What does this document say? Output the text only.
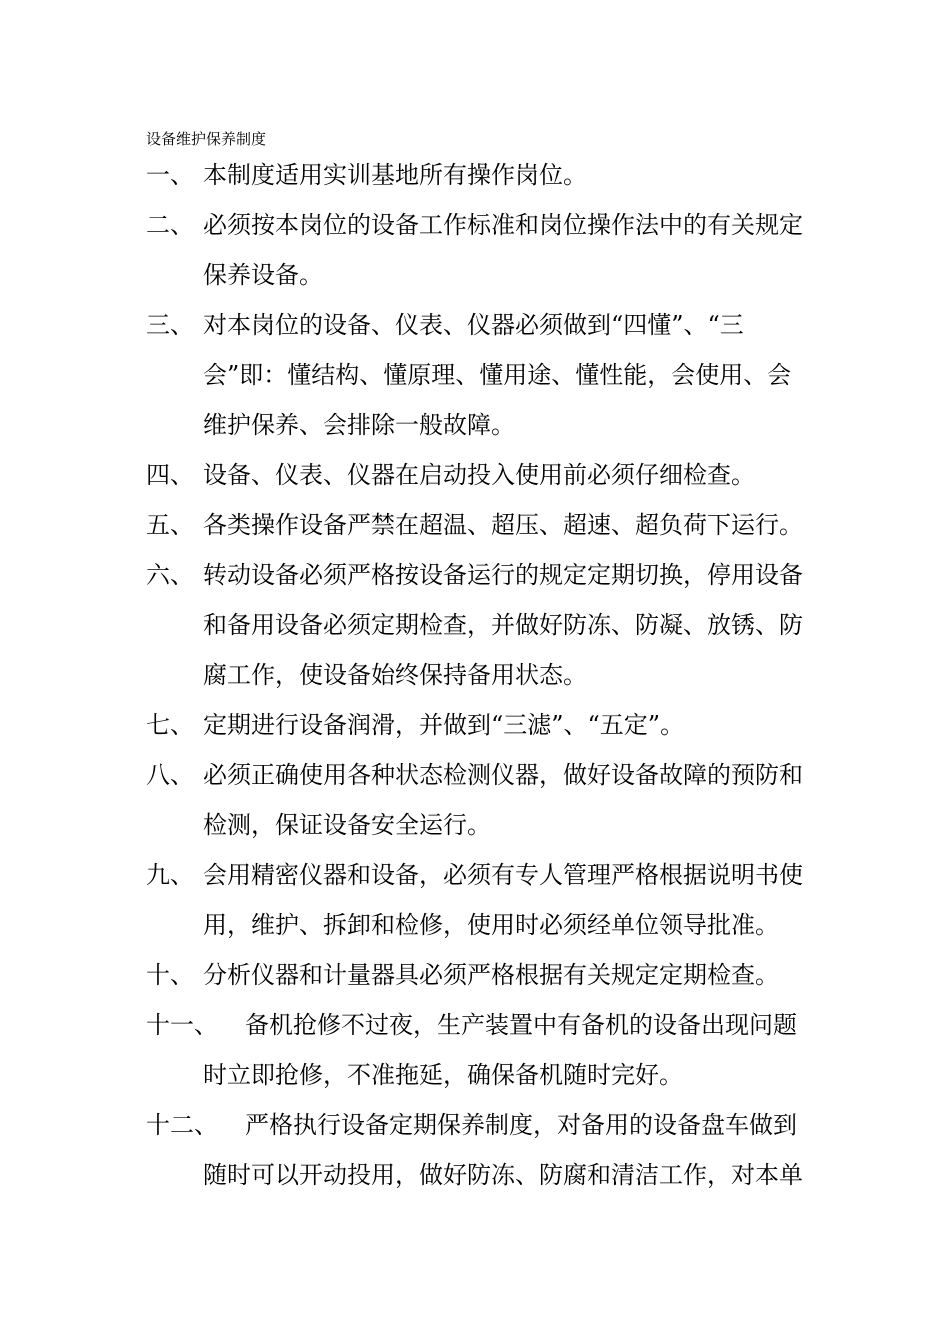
设备维护保养制度
一、 本制度适用实训基地所有操作岗位。
二、 必须按本岗位的设备工作标准和岗位操作法中的有关规定
保养设备。
三、 对本岗位的设备、仪表、仪器必须做到“四懂”、“三
会”即：懂结构、懂原理、懂用途、懂性能，会使用、会
维护保养、会排除一般故障。
四、 设备、仪表、仪器在启动投入使用前必须仔细检查。
五、 各类操作设备严禁在超温、超压、超速、超负荷下运行。
六、 转动设备必须严格按设备运行的规定定期切换，停用设备
和备用设备必须定期检查，并做好防冻、防凝、放锈、防
腐工作，使设备始终保持备用状态。
七、 定期进行设备润滑，并做到“三滤”、“五定”。
八、 必须正确使用各种状态检测仪器，做好设备故障的预防和
检测，保证设备安全运行。
九、 会用精密仪器和设备，必须有专人管理严格根据说明书使
用，维护、拆卸和检修，使用时必须经单位领导批准。
十、 分析仪器和计量器具必须严格根据有关规定定期检查。
十一、	备机抢修不过夜，生产装置中有备机的设备出现问题
时立即抢修，不准拖延，确保备机随时完好。
十二、	严格执行设备定期保养制度，对备用的设备盘车做到
随时可以开动投用，做好防冻、防腐和清洁工作，对本单
